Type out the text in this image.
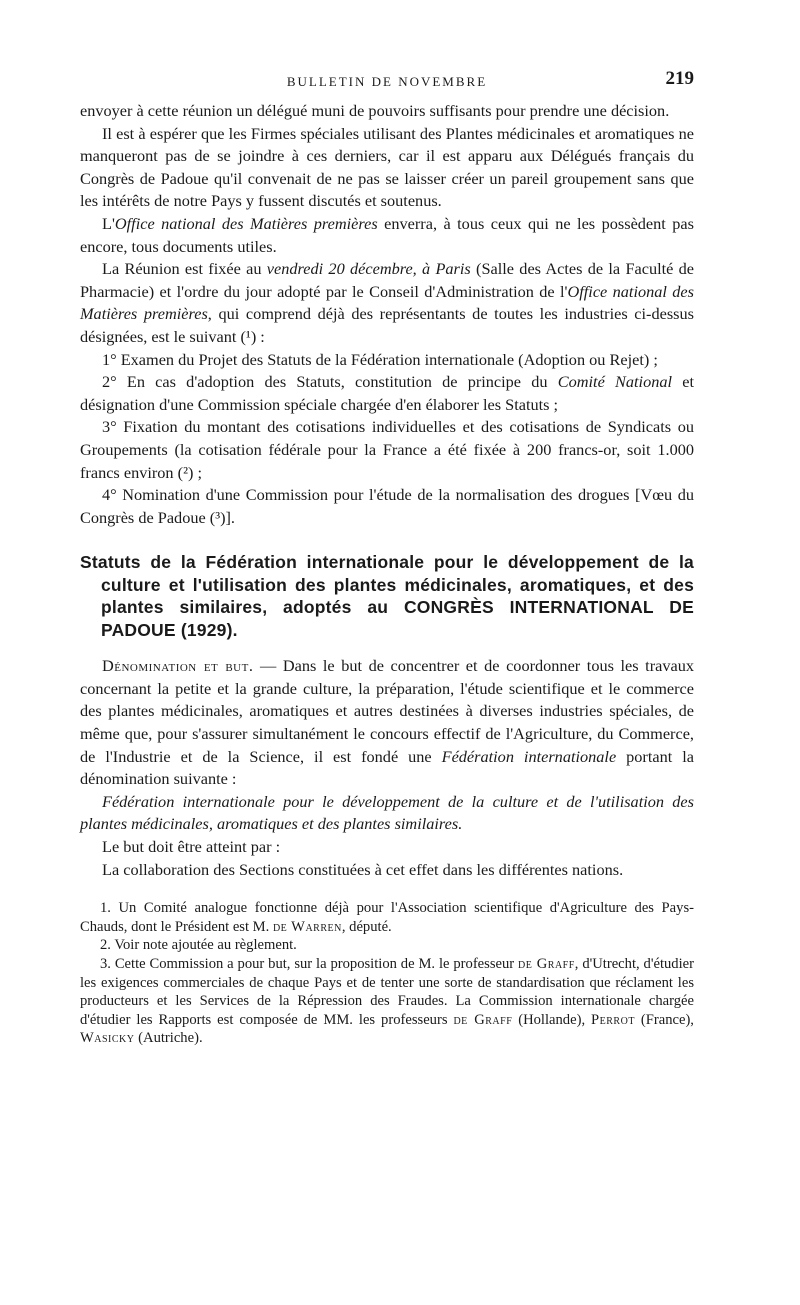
BULLETIN DE NOVEMBRE	219

envoyer à cette réunion un délégué muni de pouvoirs suffisants pour prendre une décision.

Il est à espérer que les Firmes spéciales utilisant des Plantes médicinales et aromatiques ne manqueront pas de se joindre à ces derniers, car il est apparu aux Délégués français du Congrès de Padoue qu'il convenait de ne pas se laisser créer un pareil groupement sans que les intérêts de notre Pays y fussent discutés et soutenus.

L'Office national des Matières premières enverra, à tous ceux qui ne les possèdent pas encore, tous documents utiles.

La Réunion est fixée au vendredi 20 décembre, à Paris (Salle des Actes de la Faculté de Pharmacie) et l'ordre du jour adopté par le Conseil d'Administration de l'Office national des Matières premières, qui comprend déjà des représentants de toutes les industries ci-dessus désignées, est le suivant (¹) :

1° Examen du Projet des Statuts de la Fédération internationale (Adoption ou Rejet) ;

2° En cas d'adoption des Statuts, constitution de principe du Comité National et désignation d'une Commission spéciale chargée d'en élaborer les Statuts ;

3° Fixation du montant des cotisations individuelles et des cotisations de Syndicats ou Groupements (la cotisation fédérale pour la France a été fixée à 200 francs-or, soit 1.000 francs environ (²) ;

4° Nomination d'une Commission pour l'étude de la normalisation des drogues [Vœu du Congrès de Padoue (³)].

Statuts de la Fédération internationale pour le développement de la culture et l'utilisation des plantes médicinales, aromatiques, et des plantes similaires, adoptés au CONGRÈS INTERNATIONAL DE PADOUE (1929).

Dénomination et but. — Dans le but de concentrer et de coordonner tous les travaux concernant la petite et la grande culture, la préparation, l'étude scientifique et le commerce des plantes médicinales, aromatiques et autres destinées à diverses industries spéciales, de même que, pour s'assurer simultanément le concours effectif de l'Agriculture, du Commerce, de l'Industrie et de la Science, il est fondé une Fédération internationale portant la dénomination suivante :

Fédération internationale pour le développement de la culture et de l'utilisation des plantes médicinales, aromatiques et des plantes similaires.

Le but doit être atteint par :

La collaboration des Sections constituées à cet effet dans les différentes nations.

1. Un Comité analogue fonctionne déjà pour l'Association scientifique d'Agriculture des Pays-Chauds, dont le Président est M. de Warren, député.

2. Voir note ajoutée au règlement.

3. Cette Commission a pour but, sur la proposition de M. le professeur de Graff, d'Utrecht, d'étudier les exigences commerciales de chaque Pays et de tenter une sorte de standardisation que réclament les producteurs et les Services de la Répression des Fraudes. La Commission internationale chargée d'étudier les Rapports est composée de MM. les professeurs de Graff (Hollande), Perrot (France), Wasicky (Autriche).
